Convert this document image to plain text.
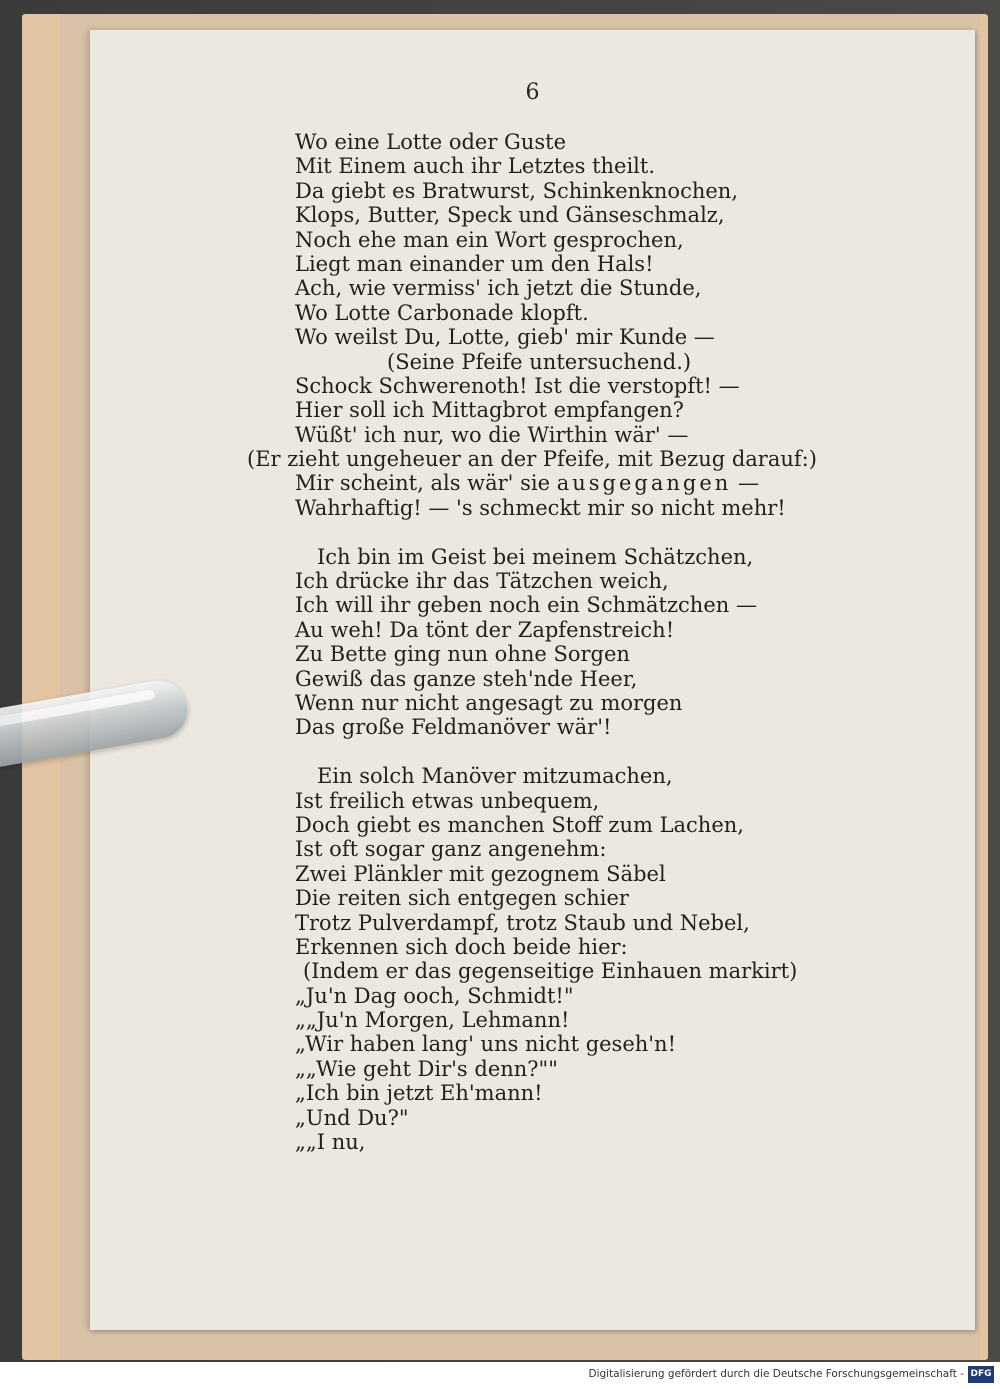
6
Wo eine Lotte oder Guste
Mit Einem auch ihr Letztes theilt.
Da giebt es Bratwurst, Schinkenknochen,
Klops, Butter, Speck und Gänseschmalz,
Noch ehe man ein Wort gesprochen,
Liegt man einander um den Hals!
Ach, wie vermiss' ich jetzt die Stunde,
Wo Lotte Carbonade klopft.
Wo weilst Du, Lotte, gieb' mir Kunde —
(Seine Pfeife untersuchend.)
Schock Schwerenoth! Ist die verstopft! —
Hier soll ich Mittagbrot empfangen?
Wüßt' ich nur, wo die Wirthin wär' —
(Er zieht ungeheuer an der Pfeife, mit Bezug darauf:)
Mir scheint, als wär' sie ausgegangen —
Wahrhaftig! — 's schmeckt mir so nicht mehr!
Ich bin im Geist bei meinem Schätzchen,
Ich drücke ihr das Tätzchen weich,
Ich will ihr geben noch ein Schmätzchen —
Au weh! Da tönt der Zapfenstreich!
Zu Bette ging nun ohne Sorgen
Gewiß das ganze steh'nde Heer,
Wenn nur nicht angesagt zu morgen
Das große Feldmanöver wär'!
Ein solch Manöver mitzumachen,
Ist freilich etwas unbequem,
Doch giebt es manchen Stoff zum Lachen,
Ist oft sogar ganz angenehm:
Zwei Plänkler mit gezognem Säbel
Die reiten sich entgegen schier
Trotz Pulverdampf, trotz Staub und Nebel,
Erkennen sich doch beide hier:
(Indem er das gegenseitige Einhauen markirt)
„Ju'n Dag ooch, Schmidt!"
„„Ju'n Morgen, Lehmann!
„Wir haben lang' uns nicht geseh'n!
„„Wie geht Dir's denn?""
„Ich bin jetzt Eh'mann!
„Und Du?"
„„I nu,
Digitalisierung gefördert durch die Deutsche Forschungsgemeinschaft - DFG
